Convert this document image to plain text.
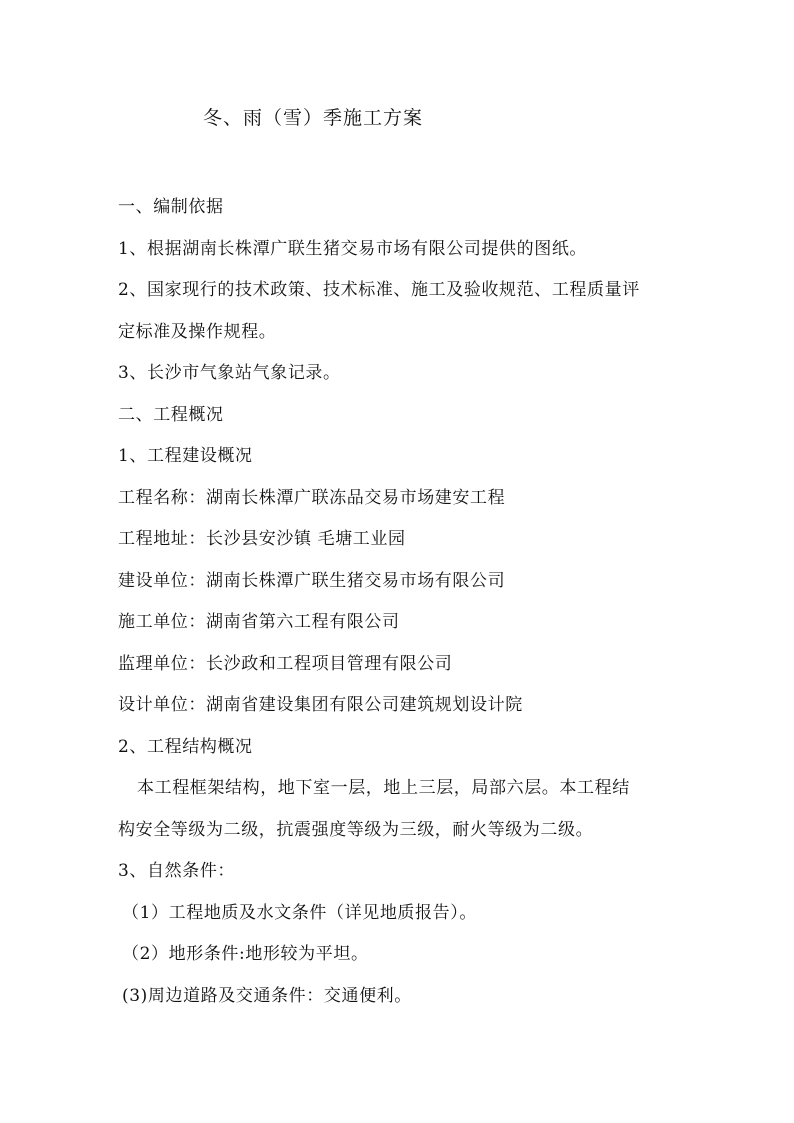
冬、雨（雪）季施工方案
一、编制依据
1、根据湖南长株潭广联生猪交易市场有限公司提供的图纸。
2、国家现行的技术政策、技术标准、施工及验收规范、工程质量评
定标准及操作规程。
3、长沙市气象站气象记录。
二、工程概况
1、工程建设概况
工程名称：湖南长株潭广联冻品交易市场建安工程
工程地址：长沙县安沙镇 毛塘工业园
建设单位：湖南长株潭广联生猪交易市场有限公司
施工单位：湖南省第六工程有限公司
监理单位：长沙政和工程项目管理有限公司
设计单位：湖南省建设集团有限公司建筑规划设计院
2、工程结构概况
本工程框架结构，地下室一层，地上三层，局部六层。本工程结
构安全等级为二级，抗震强度等级为三级，耐火等级为二级。
3、自然条件：
（1）工程地质及水文条件（详见地质报告）。
（2）地形条件:地形较为平坦。
(3)周边道路及交通条件：交通便利。
